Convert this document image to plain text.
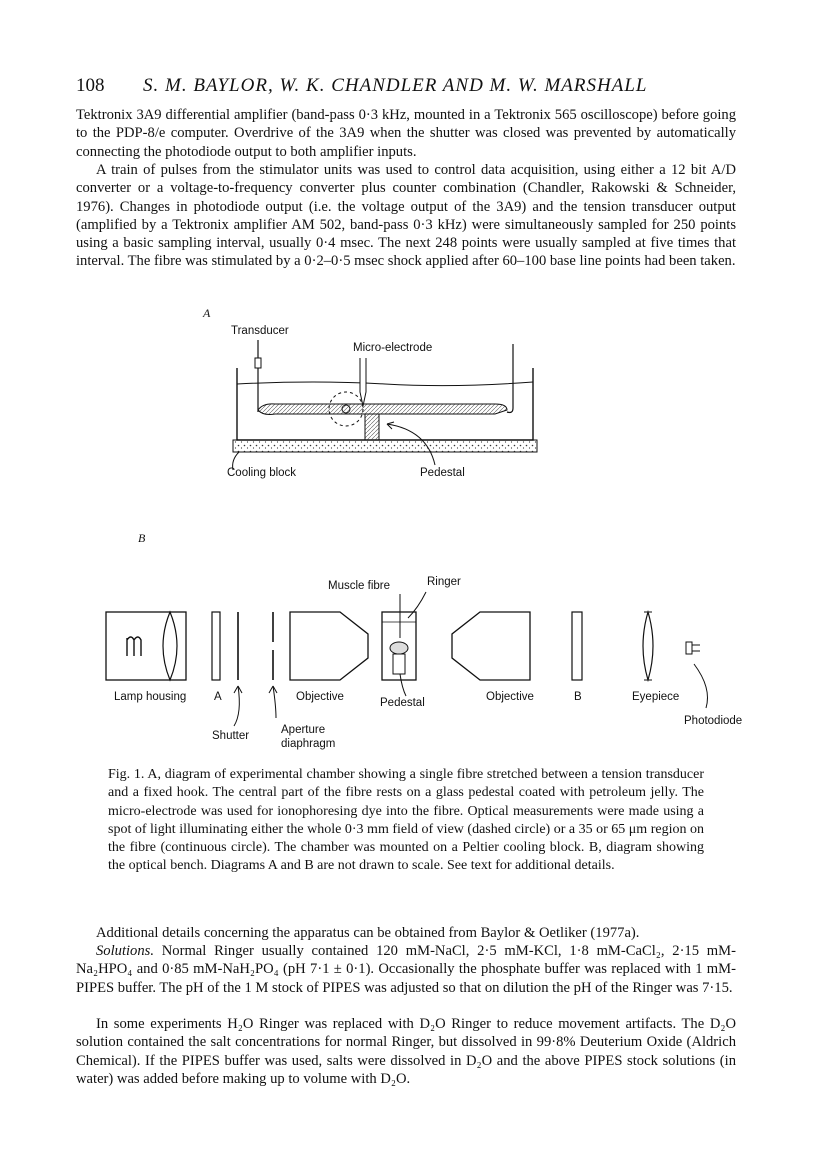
108 S. M. BAYLOR, W. K. CHANDLER AND M. W. MARSHALL

Tektronix 3A9 differential amplifier (band-pass 0·3 kHz, mounted in a Tektronix 565 oscilloscope) before going to the PDP-8/e computer. Overdrive of the 3A9 when the shutter was closed was prevented by automatically connecting the photodiode output to both amplifier inputs.

A train of pulses from the stimulator units was used to control data acquisition, using either a 12 bit A/D converter or a voltage-to-frequency converter plus counter combination (Chandler, Rakowski & Schneider, 1976). Changes in photodiode output (i.e. the voltage output of the 3A9) and the tension transducer output (amplified by a Tektronix amplifier AM 502, band-pass 0·3 kHz) were simultaneously sampled for 250 points using a basic sampling interval, usually 0·4 msec. The next 248 points were usually sampled at five times that interval. The fibre was stimulated by a 0·2–0·5 msec shock applied after 60–100 base line points had been taken.

A
Transducer
Micro-electrode
Cooling block	Pedestal
B
Muscle fibre	Ringer
Lamp housing A
Shutter	Aperture
diaphragm
Objective	Pedestal	Objective	B	Eyepiece
Photodiode

Fig. 1. A, diagram of experimental chamber showing a single fibre stretched between a tension transducer and a fixed hook. The central part of the fibre rests on a glass pedestal coated with petroleum jelly. The micro-electrode was used for ionophoresing dye into the fibre. Optical measurements were made using a spot of light illuminating either the whole 0·3 mm field of view (dashed circle) or a 35 or 65 μm region on the fibre (continuous circle). The chamber was mounted on a Peltier cooling block. B, diagram showing the optical bench. Diagrams A and B are not drawn to scale. See text for additional details.

Additional details concerning the apparatus can be obtained from Baylor & Oetliker (1977a).

Solutions. Normal Ringer usually contained 120 mM-NaCl, 2·5 mM-KCl, 1·8 mM-CaCl₂, 2·15 mM-Na₂HPO₄ and 0·85 mM-NaH₂PO₄ (pH 7·1 ± 0·1). Occasionally the phosphate buffer was replaced with 1 mM-PIPES buffer. The pH of the 1 M stock of PIPES was adjusted so that on dilution the pH of the Ringer was 7·15.

In some experiments H₂O Ringer was replaced with D₂O Ringer to reduce movement artifacts. The D₂O solution contained the salt concentrations for normal Ringer, but dissolved in 99·8% Deuterium Oxide (Aldrich Chemical). If the PIPES buffer was used, salts were dissolved in D₂O and the above PIPES stock solutions (in water) was added before making up to volume with D₂O.
